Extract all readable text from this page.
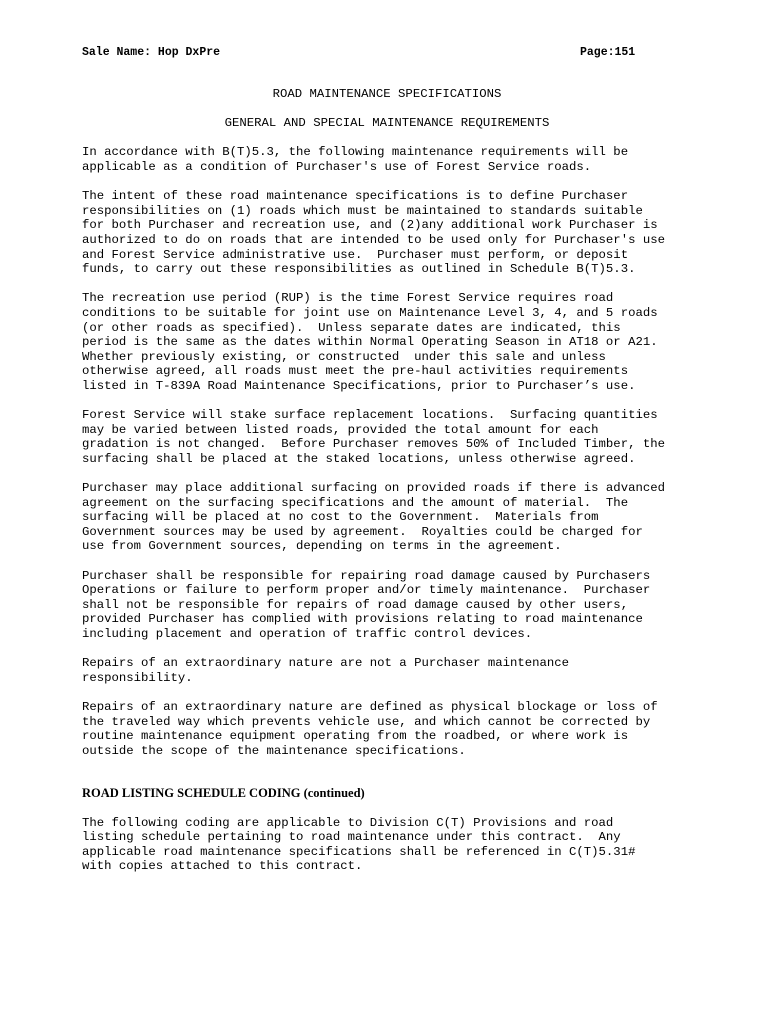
Sale Name: Hop DxPre	Page:151

ROAD MAINTENANCE SPECIFICATIONS

GENERAL AND SPECIAL MAINTENANCE REQUIREMENTS

In accordance with B(T)5.3, the following maintenance requirements will be
applicable as a condition of Purchaser's use of Forest Service roads.

The intent of these road maintenance specifications is to define Purchaser
responsibilities on (1) roads which must be maintained to standards suitable
for both Purchaser and recreation use, and (2)any additional work Purchaser is
authorized to do on roads that are intended to be used only for Purchaser's use
and Forest Service administrative use.  Purchaser must perform, or deposit
funds, to carry out these responsibilities as outlined in Schedule B(T)5.3.

The recreation use period (RUP) is the time Forest Service requires road
conditions to be suitable for joint use on Maintenance Level 3, 4, and 5 roads
(or other roads as specified).  Unless separate dates are indicated, this
period is the same as the dates within Normal Operating Season in AT18 or A21.
Whether previously existing, or constructed  under this sale and unless
otherwise agreed, all roads must meet the pre-haul activities requirements
listed in T-839A Road Maintenance Specifications, prior to Purchaser’s use.

Forest Service will stake surface replacement locations.  Surfacing quantities
may be varied between listed roads, provided the total amount for each
gradation is not changed.  Before Purchaser removes 50% of Included Timber, the
surfacing shall be placed at the staked locations, unless otherwise agreed.

Purchaser may place additional surfacing on provided roads if there is advanced
agreement on the surfacing specifications and the amount of material.  The
surfacing will be placed at no cost to the Government.  Materials from
Government sources may be used by agreement.  Royalties could be charged for
use from Government sources, depending on terms in the agreement.

Purchaser shall be responsible for repairing road damage caused by Purchasers
Operations or failure to perform proper and/or timely maintenance.  Purchaser
shall not be responsible for repairs of road damage caused by other users,
provided Purchaser has complied with provisions relating to road maintenance
including placement and operation of traffic control devices.

Repairs of an extraordinary nature are not a Purchaser maintenance
responsibility.

Repairs of an extraordinary nature are defined as physical blockage or loss of
the traveled way which prevents vehicle use, and which cannot be corrected by
routine maintenance equipment operating from the roadbed, or where work is
outside the scope of the maintenance specifications.

ROAD LISTING SCHEDULE CODING (continued)

The following coding are applicable to Division C(T) Provisions and road
listing schedule pertaining to road maintenance under this contract.  Any
applicable road maintenance specifications shall be referenced in C(T)5.31#
with copies attached to this contract.
